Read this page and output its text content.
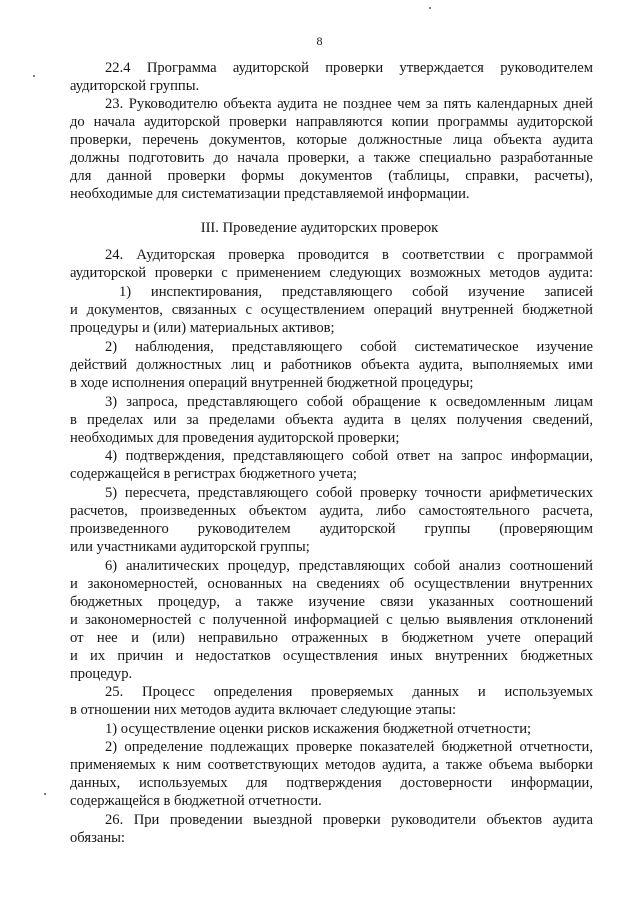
8
22.4 Программа аудиторской проверки утверждается руководителем
аудиторской группы.
23. Руководителю объекта аудита не позднее чем за пять календарных дней
до начала аудиторской проверки направляются копии программы аудиторской
проверки, перечень документов, которые должностные лица объекта аудита
должны подготовить до начала проверки, а также специально разработанные
для данной проверки формы документов (таблицы, справки, расчеты),
необходимые для систематизации представляемой информации.
III. Проведение аудиторских проверок
24. Аудиторская проверка проводится в соответствии с программой
аудиторской проверки с применением следующих возможных методов аудита:
1) инспектирования, представляющего собой изучение записей
и документов, связанных с осуществлением операций внутренней бюджетной
процедуры и (или) материальных активов;
2) наблюдения, представляющего собой систематическое изучение
действий должностных лиц и работников объекта аудита, выполняемых ими
в ходе исполнения операций внутренней бюджетной процедуры;
3) запроса, представляющего собой обращение к осведомленным лицам
в пределах или за пределами объекта аудита в целях получения сведений,
необходимых для проведения аудиторской проверки;
4) подтверждения, представляющего собой ответ на запрос информации,
содержащейся в регистрах бюджетного учета;
5) пересчета, представляющего собой проверку точности арифметических
расчетов, произведенных объектом аудита, либо самостоятельного расчета,
произведенного руководителем аудиторской группы (проверяющим
или участниками аудиторской группы;
6) аналитических процедур, представляющих собой анализ соотношений
и закономерностей, основанных на сведениях об осуществлении внутренних
бюджетных процедур, а также изучение связи указанных соотношений
и закономерностей с полученной информацией с целью выявления отклонений
от нее и (или) неправильно отраженных в бюджетном учете операций
и их причин и недостатков осуществления иных внутренних бюджетных
процедур.
25. Процесс определения проверяемых данных и используемых
в отношении них методов аудита включает следующие этапы:
1) осуществление оценки рисков искажения бюджетной отчетности;
2) определение подлежащих проверке показателей бюджетной отчетности,
применяемых к ним соответствующих методов аудита, а также объема выборки
данных, используемых для подтверждения достоверности информации,
содержащейся в бюджетной отчетности.
26. При проведении выездной проверки руководители объектов аудита
обязаны:
